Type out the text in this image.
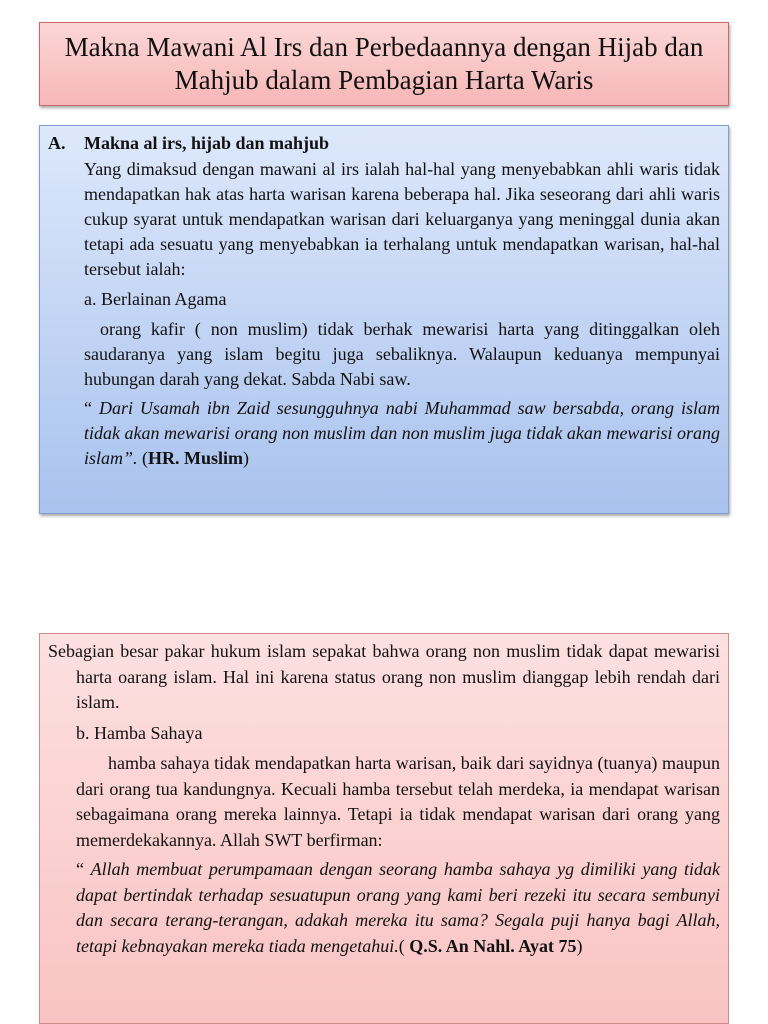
Makna Mawani Al Irs dan Perbedaannya dengan Hijab dan Mahjub dalam Pembagian Harta Waris
A.	Makna al irs, hijab dan mahjub

Yang dimaksud dengan mawani al irs ialah hal-hal yang menyebabkan ahli waris tidak mendapatkan hak atas harta warisan karena beberapa hal. Jika seseorang dari ahli waris cukup syarat untuk mendapatkan warisan dari keluarganya yang meninggal dunia akan tetapi ada sesuatu yang menyebabkan ia terhalang untuk mendapatkan warisan, hal-hal tersebut ialah:

a. Berlainan Agama

orang kafir ( non muslim) tidak berhak mewarisi harta yang ditinggalkan oleh saudaranya yang islam begitu juga sebaliknya. Walaupun keduanya mempunyai hubungan darah yang dekat. Sabda Nabi saw.

“ Dari Usamah ibn Zaid sesungguhnya nabi Muhammad saw bersabda, orang islam tidak akan mewarisi orang non muslim dan non muslim juga tidak akan mewarisi orang islam”. (HR. Muslim)

Sebagian besar pakar hukum islam sepakat bahwa orang non muslim tidak dapat mewarisi harta oarang islam. Hal ini karena status orang non muslim dianggap lebih rendah dari islam.

b. Hamba Sahaya

hamba sahaya tidak mendapatkan harta warisan, baik dari sayidnya (tuanya) maupun dari orang tua kandungnya. Kecuali hamba tersebut telah merdeka, ia mendapat warisan sebagaimana orang mereka lainnya. Tetapi ia tidak mendapat warisan dari orang yang memerdekakannya. Allah SWT berfirman:

“ Allah membuat perumpamaan dengan seorang hamba sahaya yg dimiliki yang tidak dapat bertindak terhadap sesuatupun orang yang kami beri rezeki itu secara sembunyi dan secara terang-terangan, adakah mereka itu sama? Segala puji hanya bagi Allah, tetapi kebnayakan mereka tiada mengetahui.( Q.S. An Nahl. Ayat 75)
